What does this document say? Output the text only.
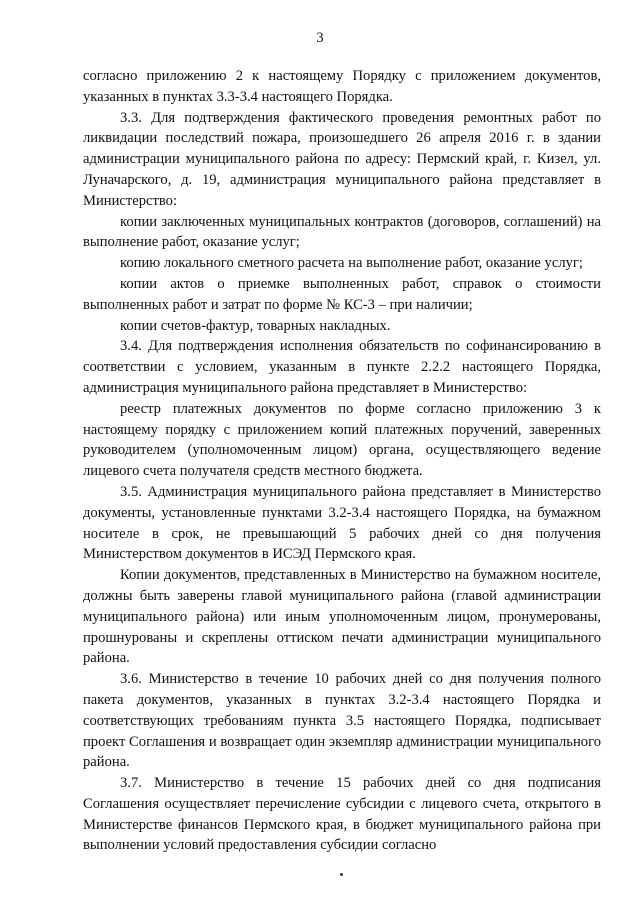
3

согласно приложению 2 к настоящему Порядку с приложением документов, указанных в пунктах 3.3-3.4 настоящего Порядка.

3.3. Для подтверждения фактического проведения ремонтных работ по ликвидации последствий пожара, произошедшего 26 апреля 2016 г. в здании администрации муниципального района по адресу: Пермский край, г. Кизел, ул. Луначарского, д. 19, администрация муниципального района представляет в Министерство:

копии заключенных муниципальных контрактов (договоров, соглашений) на выполнение работ, оказание услуг;

копию локального сметного расчета на выполнение работ, оказание услуг;

копии актов о приемке выполненных работ, справок о стоимости выполненных работ и затрат по форме № КС-3 – при наличии;

копии счетов-фактур, товарных накладных.

3.4. Для подтверждения исполнения обязательств по софинансированию в соответствии с условием, указанным в пункте 2.2.2 настоящего Порядка, администрация муниципального района представляет в Министерство:

реестр платежных документов по форме согласно приложению 3 к настоящему порядку с приложением копий платежных поручений, заверенных руководителем (уполномоченным лицом) органа, осуществляющего ведение лицевого счета получателя средств местного бюджета.

3.5. Администрация муниципального района представляет в Министерство документы, установленные пунктами 3.2-3.4 настоящего Порядка, на бумажном носителе в срок, не превышающий 5 рабочих дней со дня получения Министерством документов в ИСЭД Пермского края.

Копии документов, представленных в Министерство на бумажном носителе, должны быть заверены главой муниципального района (главой администрации муниципального района) или иным уполномоченным лицом, пронумерованы, прошнурованы и скреплены оттиском печати администрации муниципального района.

3.6. Министерство в течение 10 рабочих дней со дня получения полного пакета документов, указанных в пунктах 3.2-3.4 настоящего Порядка и соответствующих требованиям пункта 3.5 настоящего Порядка, подписывает проект Соглашения и возвращает один экземпляр администрации муниципального района.

3.7. Министерство в течение 15 рабочих дней со дня подписания Соглашения осуществляет перечисление субсидии с лицевого счета, открытого в Министерстве финансов Пермского края, в бюджет муниципального района при выполнении условий предоставления субсидии согласно
